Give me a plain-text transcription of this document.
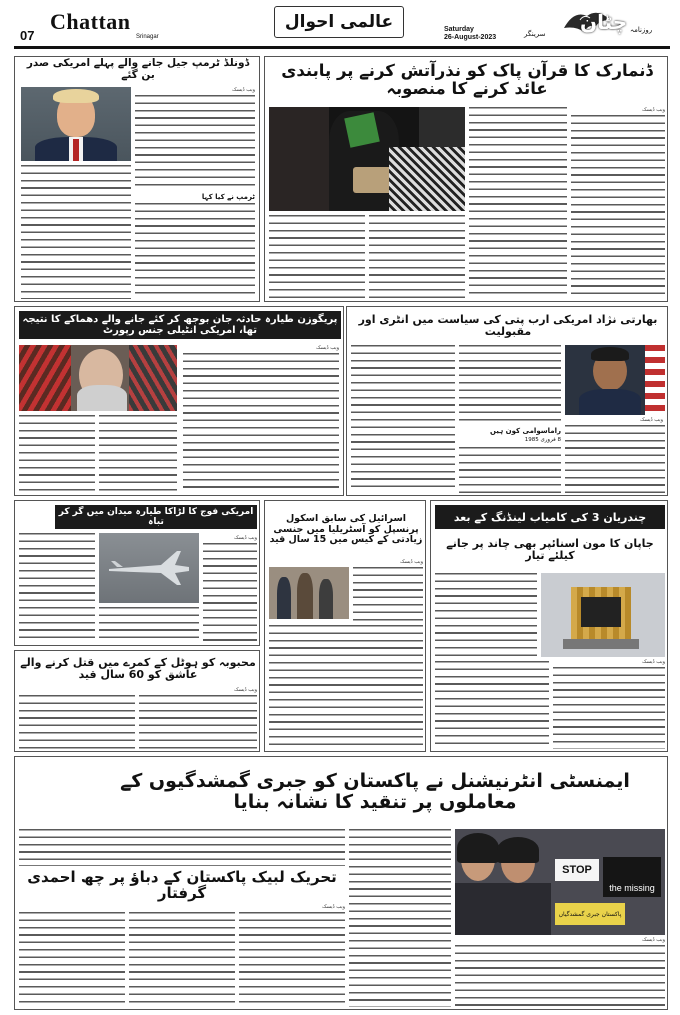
07
Chattan
Srinagar
عالمی احوال	Saturday
26-August-2023	سرینگر چٹان روزنامہ
ڈونلڈ ٹرمپ جیل جانے والے پہلے امریکی صدر بن گئے
ویب ڈیسک
ٹرمپ نے کیا کہا
ڈنمارک کا قرآن پاک کو نذرآتش کرنے پر پابندی عائد کرنے کا منصوبہ
ویب ڈیسک
پریگوزن طیارہ حادثہ جان بوجھ کر کئے جانے والے دھماکے کا نتیجہ تھا، امریکی انٹیلی جنس رپورٹ
ویب ڈیسک
بھارتی نژاد امریکی ارب پتی کی سیاست میں انٹری اور مقبولیت
ویب ڈیسک
راماسوامی کون ہیں
8 فروری 1985
امریکی فوج کا لڑاکا طیارہ میدان میں گر کر تباہ
ویب ڈیسک
اسرائیل کی سابق اسکول پرنسپل کو آسٹریلیا میں جنسی زیادتی کے کیس میں 15 سال قید
ویب ڈیسک
چندریان 3 کی کامیاب لینڈنگ کے بعد
جاپان کا مون اسنائپر بھی چاند پر جانے کیلئے تیار
ویب ڈیسک
محبوبہ کو ہوٹل کے کمرے میں قتل کرنے والے عاشق کو 60 سال قید
ویب ڈیسک
ایمنسٹی انٹرنیشنل نے پاکستان کو جبری گمشدگیوں کے معاملوں پر تنقید کا نشانہ بنایا
STOP
the missing
پاکستان جبری گمشدگیاں
ویب ڈیسک
تحریک لبیک پاکستان کے دباؤ پر چھ احمدی گرفتار
ویب ڈیسک
